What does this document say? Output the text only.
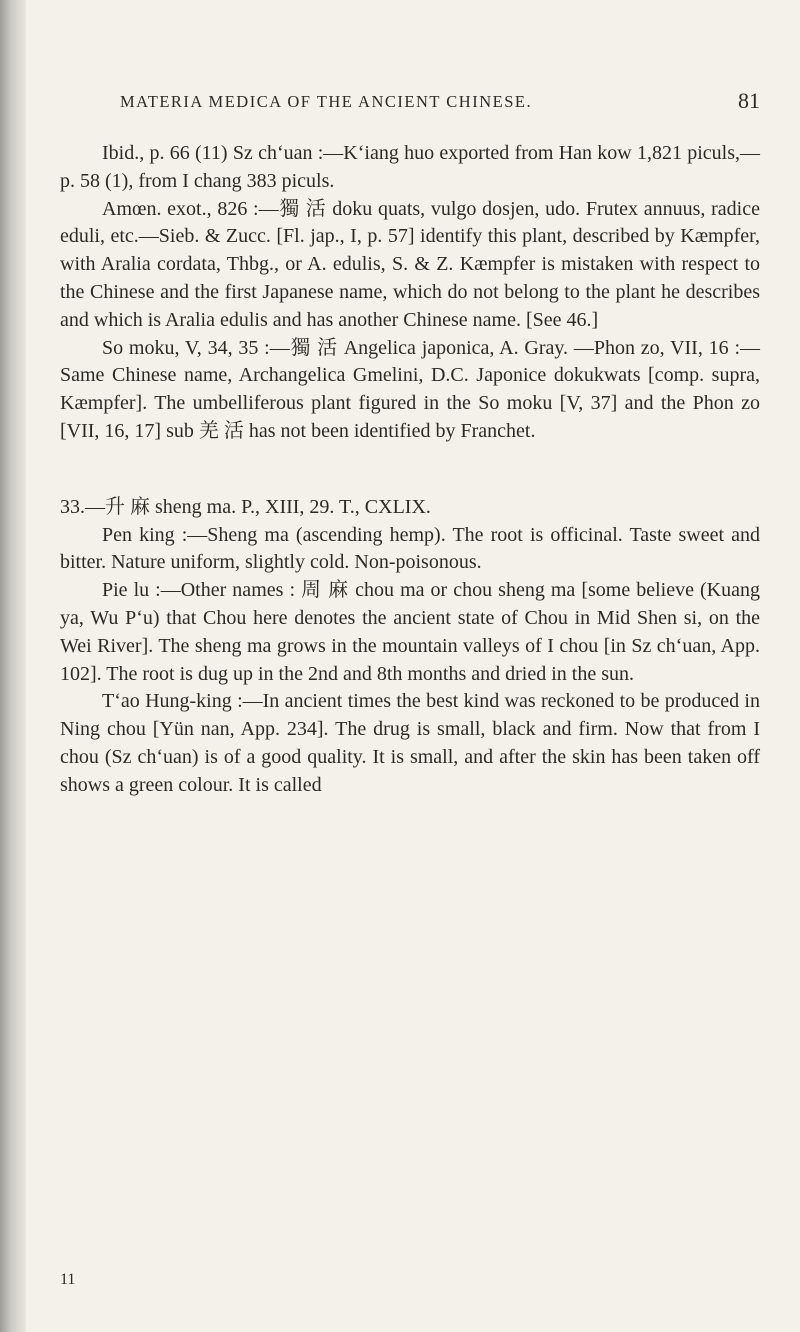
MATERIA MEDICA OF THE ANCIENT CHINESE.	81

Ibid., p. 66 (11) Sz ch‘uan :—K‘iang huo exported from Han kow 1,821 piculs,—p. 58 (1), from I chang 383 piculs.

Amœn. exot., 826 :—獨 活 doku quats, vulgo dosjen, udo. Frutex annuus, radice eduli, etc.—Sieb. & Zucc. [Fl. jap., I, p. 57] identify this plant, described by Kæmpfer, with Aralia cordata, Thbg., or A. edulis, S. & Z. Kæmpfer is mistaken with respect to the Chinese and the first Japanese name, which do not belong to the plant he describes and which is Aralia edulis and has another Chinese name. [See 46.]

So moku, V, 34, 35 :—獨 活 Angelica japonica, A. Gray. —Phon zo, VII, 16 :—Same Chinese name, Archangelica Gmelini, D.C. Japonice dokukwats [comp. supra, Kæmpfer]. The umbelliferous plant figured in the So moku [V, 37] and the Phon zo [VII, 16, 17] sub 羌 活 has not been identified by Franchet.

33.—升 麻 sheng ma. P., XIII, 29. T., CXLIX.

Pen king :—Sheng ma (ascending hemp). The root is officinal. Taste sweet and bitter. Nature uniform, slightly cold. Non-poisonous.

Pie lu :—Other names : 周 麻 chou ma or chou sheng ma [some believe (Kuang ya, Wu P‘u) that Chou here denotes the ancient state of Chou in Mid Shen si, on the Wei River]. The sheng ma grows in the mountain valleys of I chou [in Sz ch‘uan, App. 102]. The root is dug up in the 2nd and 8th months and dried in the sun.

T‘ao Hung-king :—In ancient times the best kind was reckoned to be produced in Ning chou [Yün nan, App. 234]. The drug is small, black and firm. Now that from I chou (Sz ch‘uan) is of a good quality. It is small, and after the skin has been taken off shows a green colour. It is called

11
